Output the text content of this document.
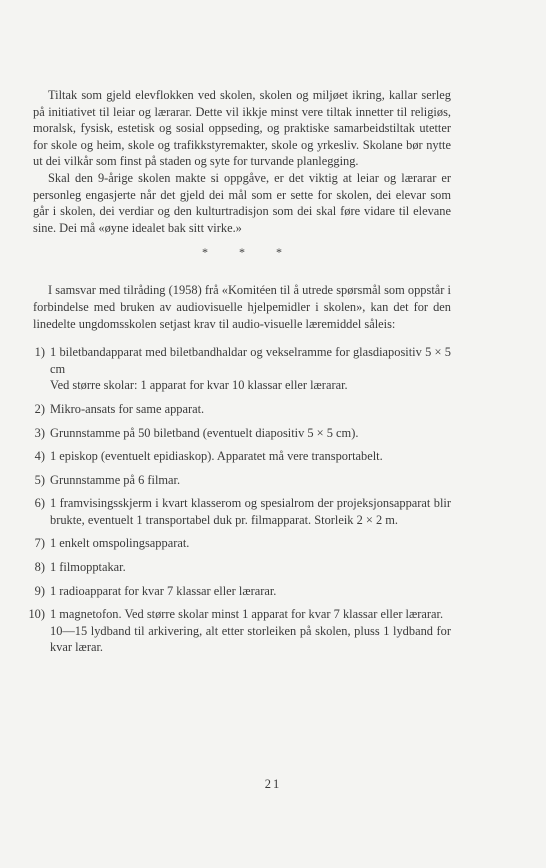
Tiltak som gjeld elevflokken ved skolen, skolen og miljøet ikring, kallar serleg på initiativet til leiar og lærarar. Dette vil ikkje minst vere tiltak innetter til religiøs, moralsk, fysisk, estetisk og sosial oppseding, og praktiske samarbeidstiltak utetter for skole og heim, skole og trafikkstyremakter, skole og yrkesliv. Skolane bør nytte ut dei vilkår som finst på staden og syte for turvande planlegging.

Skal den 9-årige skolen makte si oppgåve, er det viktig at leiar og lærarar er personleg engasjerte når det gjeld dei mål som er sette for skolen, dei elevar som går i skolen, dei verdiar og den kulturtradisjon som dei skal føre vidare til elevane sine. Dei må «øyne idealet bak sitt virke.»

* * *

I samsvar med tilråding (1958) frå «Komitéen til å utrede spørsmål som oppstår i forbindelse med bruken av audiovisuelle hjelpemidler i skolen», kan det for den linedelte ungdomsskolen setjast krav til audio-visuelle læremiddel såleis:

1) 1 biletbandapparat med biletbandhaldar og vekselramme for glasdiapositiv 5 × 5 cm
Ved større skolar: 1 apparat for kvar 10 klassar eller lærarar.
2) Mikro-ansats for same apparat.
3) Grunnstamme på 50 biletband (eventuelt diapositiv 5 × 5 cm).
4) 1 episkop (eventuelt epidiaskop). Apparatet må vere transportabelt.
5) Grunnstamme på 6 filmar.
6) 1 framvisingsskjerm i kvart klasserom og spesialrom der projeksjonsapparat blir brukte, eventuelt 1 transportabel duk pr. filmapparat. Storleik 2 × 2 m.
7) 1 enkelt omspolingsapparat.
8) 1 filmopptakar.
9) 1 radioapparat for kvar 7 klassar eller lærarar.
10) 1 magnetofon. Ved større skolar minst 1 apparat for kvar 7 klassar eller lærarar.
10—15 lydband til arkivering, alt etter storleiken på skolen, pluss 1 lydband for kvar lærar.
21
